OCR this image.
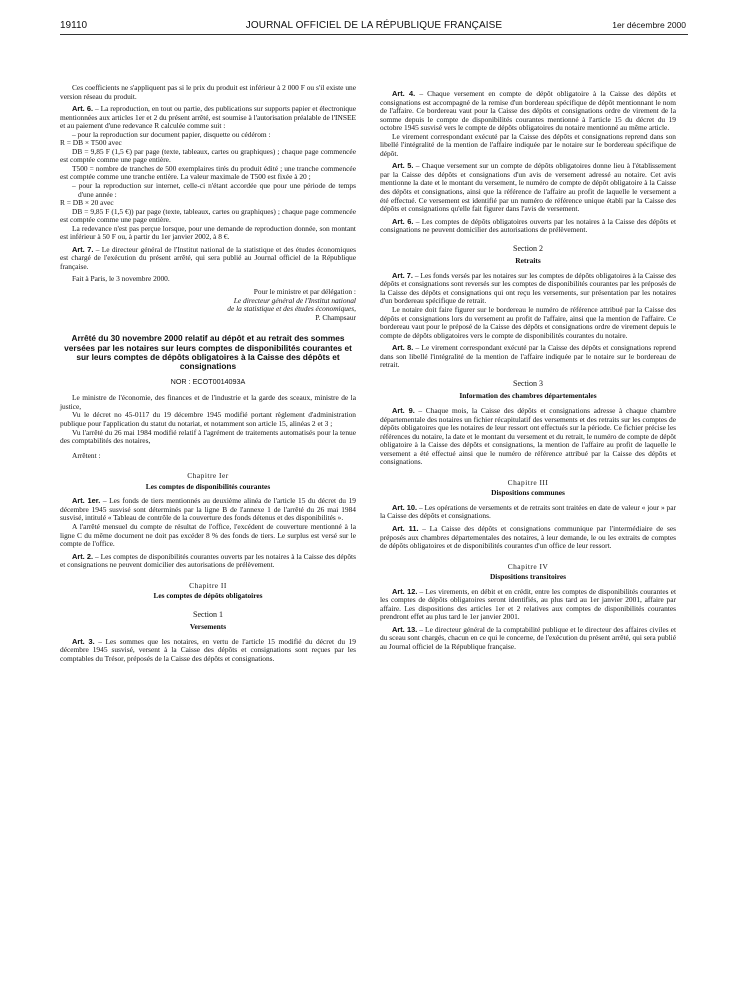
19110	JOURNAL OFFICIEL DE LA RÉPUBLIQUE FRANÇAISE	1er décembre 2000

Ces coefficients ne s'appliquent pas si le prix du produit est inférieur à 2 000 F ou s'il existe une version réseau du produit.

Art. 6. – La reproduction, en tout ou partie, des publications sur supports papier et électronique mentionnées aux articles 1er et 2 du présent arrêté, est soumise à l'autorisation préalable de l'INSEE et au paiement d'une redevance R calculée comme suit :

– pour la reproduction sur document papier, disquette ou cédérom :

R = DB × T500 avec

DB = 9,85 F (1,5 €) par page (texte, tableaux, cartes ou graphiques) ; chaque page commencée est comptée comme une page entière.

T500 = nombre de tranches de 500 exemplaires tirés du produit édité ; une tranche commencée est comptée comme une tranche entière. La valeur maximale de T500 est fixée à 20 ;

– pour la reproduction sur internet, celle-ci n'étant accordée que pour une période de temps d'une année :

R = DB × 20 avec

DB = 9,85 F (1,5 €)) par page (texte, tableaux, cartes ou graphiques) ; chaque page commencée est comptée comme une page entière.

La redevance n'est pas perçue lorsque, pour une demande de reproduction donnée, son montant est inférieur à 50 F ou, à partir du 1er janvier 2002, à 8 €.

Art. 7. – Le directeur général de l'Institut national de la statistique et des études économiques est chargé de l'exécution du présent arrêté, qui sera publié au Journal officiel de la République française.

Fait à Paris, le 3 novembre 2000.

Pour le ministre et par délégation :

Le directeur général de l'Institut national

de la statistique et des études économiques,

P. Champsaur

Arrêté du 30 novembre 2000 relatif au dépôt et au retrait des sommes versées par les notaires sur leurs comptes de disponibilités courantes et sur leurs comptes de dépôts obligatoires à la Caisse des dépôts et consignations

NOR : ECOT0014093A

Le ministre de l'économie, des finances et de l'industrie et la garde des sceaux, ministre de la justice,

Vu le décret no 45-0117 du 19 décembre 1945 modifié portant règlement d'administration publique pour l'application du statut du notariat, et notamment son article 15, alinéas 2 et 3 ;

Vu l'arrêté du 26 mai 1984 modifié relatif à l'agrément de traitements automatisés pour la tenue des comptabilités des notaires,

Arrêtent :

Chapitre Ier

Les comptes de disponibilités courantes

Art. 1er. – Les fonds de tiers mentionnés au deuxième alinéa de l'article 15 du décret du 19 décembre 1945 susvisé sont déterminés par la ligne B de l'annexe 1 de l'arrêté du 26 mai 1984 susvisé, intitulé « Tableau de contrôle de la couverture des fonds détenus et des disponibilités ».

A l'arrêté mensuel du compte de résultat de l'office, l'excédent de couverture mentionné à la ligne C du même document ne doit pas excéder 8 % des fonds de tiers. Le surplus est versé sur le compte de l'office.

Art. 2. – Les comptes de disponibilités courantes ouverts par les notaires à la Caisse des dépôts et consignations ne peuvent domicilier des autorisations de prélèvement.

Chapitre II

Les comptes de dépôts obligatoires

Section 1

Versements

Art. 3. – Les sommes que les notaires, en vertu de l'article 15 modifié du décret du 19 décembre 1945 susvisé, versent à la Caisse des dépôts et consignations sont reçues par les comptables du Trésor, préposés de la Caisse des dépôts et consignations.

Art. 4. – Chaque versement en compte de dépôt obligatoire à la Caisse des dépôts et consignations est accompagné de la remise d'un bordereau spécifique de dépôt mentionnant le nom de l'affaire. Ce bordereau vaut pour la Caisse des dépôts et consignations ordre de virement de la somme depuis le compte de disponibilités courantes mentionné à l'article 15 du décret du 19 octobre 1945 susvisé vers le compte de dépôts obligatoires du notaire mentionné au même article.

Le virement correspondant exécuté par la Caisse des dépôts et consignations reprend dans son libellé l'intégralité de la mention de l'affaire indiquée par le notaire sur le bordereau spécifique de dépôt.

Art. 5. – Chaque versement sur un compte de dépôts obligatoires donne lieu à l'établissement par la Caisse des dépôts et consignations d'un avis de versement adressé au notaire. Cet avis mentionne la date et le montant du versement, le numéro de compte de dépôt obligatoire à la Caisse des dépôts et consignations, ainsi que la référence de l'affaire au profit de laquelle le versement a été effectué. Ce versement est identifié par un numéro de référence unique établi par la Caisse des dépôts et consignations qu'elle fait figurer dans l'avis de versement.

Art. 6. – Les comptes de dépôts obligatoires ouverts par les notaires à la Caisse des dépôts et consignations ne peuvent domicilier des autorisations de prélèvement.

Section 2

Retraits

Art. 7. – Les fonds versés par les notaires sur les comptes de dépôts obligatoires à la Caisse des dépôts et consignations sont reversés sur les comptes de disponibilités courantes par les préposés de la Caisse des dépôts et consignations qui ont reçu les versements, sur présentation par les notaires d'un bordereau spécifique de retrait.

Le notaire doit faire figurer sur le bordereau le numéro de référence attribué par la Caisse des dépôts et consignations lors du versement au profit de l'affaire, ainsi que la mention de l'affaire. Ce bordereau vaut pour le préposé de la Caisse des dépôts et consignations ordre de virement depuis le compte de dépôts obligatoires vers le compte de disponibilités courantes du notaire.

Art. 8. – Le virement correspondant exécuté par la Caisse des dépôts et consignations reprend dans son libellé l'intégralité de la mention de l'affaire indiquée par le notaire sur le bordereau de retrait.

Section 3

Information des chambres départementales

Art. 9. – Chaque mois, la Caisse des dépôts et consignations adresse à chaque chambre départementale des notaires un fichier récapitulatif des versements et des retraits sur les comptes de dépôts obligatoires que les notaires de leur ressort ont effectués sur la période. Ce fichier précise les références du notaire, la date et le montant du versement et du retrait, le numéro de compte de dépôt obligatoire à la Caisse des dépôts et consignations, la mention de l'affaire au profit de laquelle le versement a été effectué ainsi que le numéro de référence attribué par la Caisse des dépôts et consignations.

Chapitre III

Dispositions communes

Art. 10. – Les opérations de versements et de retraits sont traitées en date de valeur « jour » par la Caisse des dépôts et consignations.

Art. 11. – La Caisse des dépôts et consignations communique par l'intermédiaire de ses préposés aux chambres départementales des notaires, à leur demande, le ou les extraits de comptes de dépôts obligatoires et de disponibilités courantes d'un office de leur ressort.

Chapitre IV

Dispositions transitoires

Art. 12. – Les virements, en débit et en crédit, entre les comptes de disponibilités courantes et les comptes de dépôts obligatoires seront identifiés, au plus tard au 1er janvier 2001, affaire par affaire. Les dispositions des articles 1er et 2 relatives aux comptes de disponibilités courantes prendront effet au plus tard le 1er janvier 2001.

Art. 13. – Le directeur général de la comptabilité publique et le directeur des affaires civiles et du sceau sont chargés, chacun en ce qui le concerne, de l'exécution du présent arrêté, qui sera publié au Journal officiel de la République française.
